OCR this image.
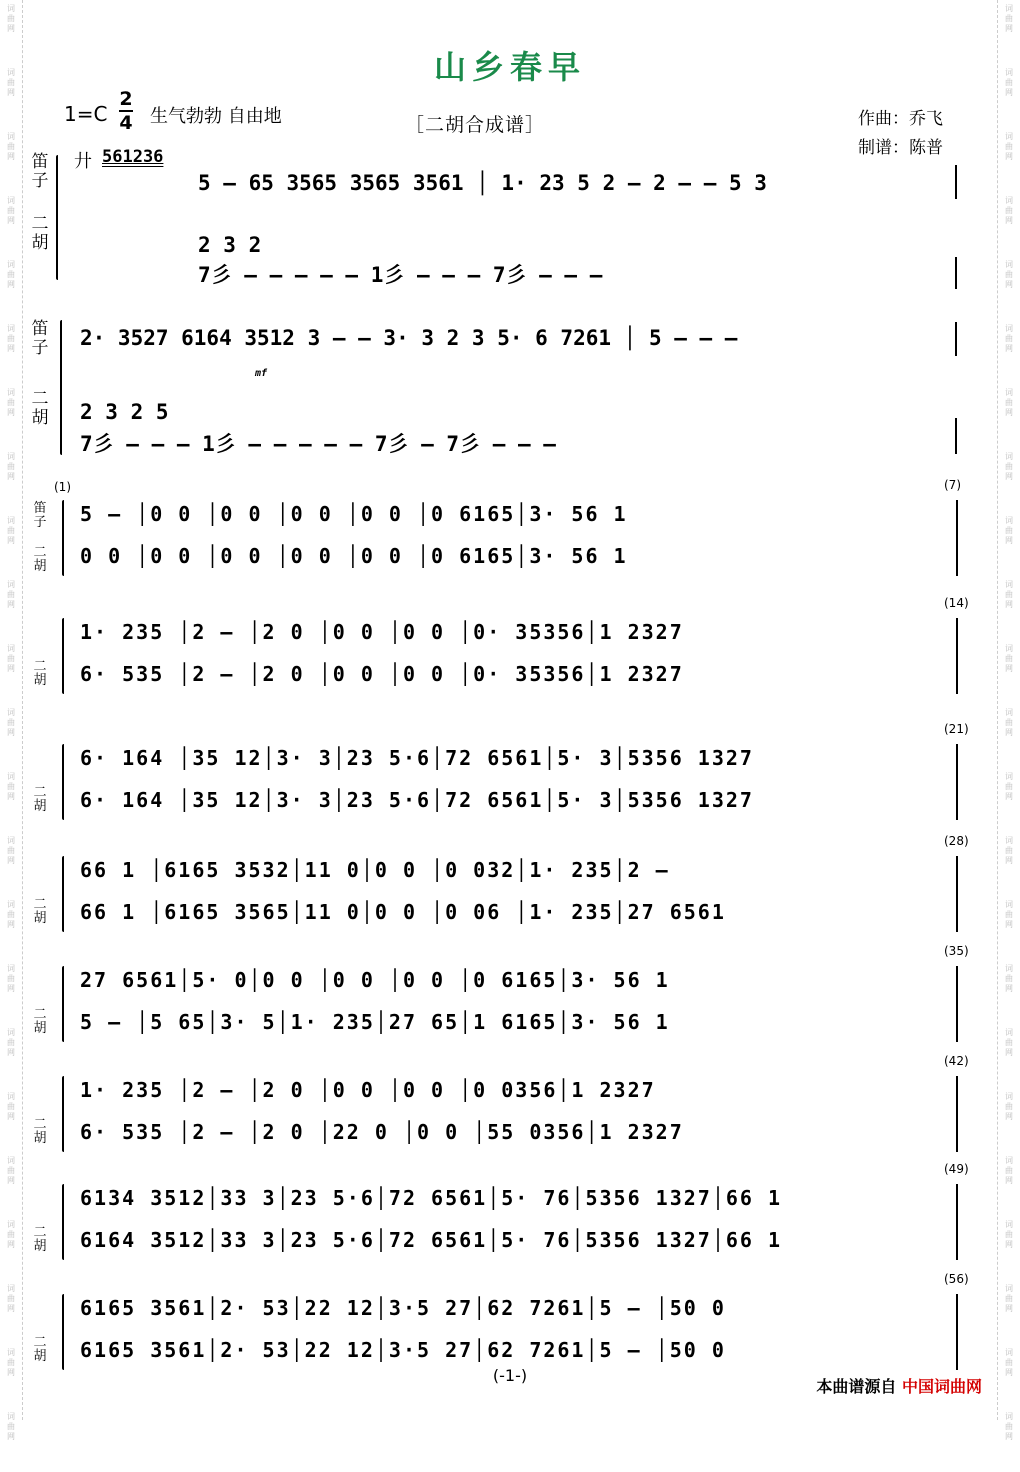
词
曲
网
词
曲
网
词
曲
网
词
曲
网
词
曲
网
词
曲
网
词
曲
网
词
曲
网
词
曲
网
词
曲
网
词
曲
网
词
曲
网
词
曲
网
词
曲
网
词
曲
网
词
曲
网
词
曲
网
词
曲
网
词
曲
网
词
曲
网
词
曲
网
词
曲
网
词
曲
网
词
曲
网
词
曲
网
词
曲
网
词
曲
网
词
曲
网
词
曲
网
词
曲
网
词
曲
网
词
曲
网
词
曲
网
词
曲
网
词
曲
网
词
曲
网
词
曲
网
词
曲
网
词
曲
网
词
曲
网
词
曲
网
词
曲
网
词
曲
网
词
曲
网
词
曲
网
词
曲
网
山乡春早
1=C
2
4 生气勃勃 自由地	［二胡合成谱］	作曲：乔飞
制谱：陈普
笛子
二胡
廾 561236
5 – 65 3565 3565 3561 │ 1· 23 5 2 – 2 – – 5 3
2 3 2
7彡 – – – – – 1彡 – – – 7彡 – – –
笛子
二胡
2· 3527 6164 3512 3 – – 3· 3 2 3 5· 6 7261 │ 5 – – –
mf
2 3 2 5
7彡 – – – 1彡 – – – – – 7彡 – 7彡 – – –
笛子
二胡
(1)	(7)
5 – │0 0 │0 0 │0 0 │0 0 │0 6165│3· 56 1
0 0 │0 0 │0 0 │0 0 │0 0 │0 6165│3· 56 1
二胡
(14)
1· 235 │2 – │2 0 │0 0 │0 0 │0· 35356│1 2327
6· 535 │2 – │2 0 │0 0 │0 0 │0· 35356│1 2327
二胡
(21)
6· 164 │35 12│3· 3│23 5·6│72 6561│5· 3│5356 1327
6· 164 │35 12│3· 3│23 5·6│72 6561│5· 3│5356 1327
二胡
(28)
66 1 │6165 3532│11 0│0 0 │0 032│1· 235│2 –
66 1 │6165 3565│11 0│0 0 │0 06 │1· 235│27 6561
二胡
(35)
27 6561│5· 0│0 0 │0 0 │0 0 │0 6165│3· 56 1
5 – │5 65│3· 5│1· 235│27 65│1 6165│3· 56 1
二胡
(42)
1· 235 │2 – │2 0 │0 0 │0 0 │0 0356│1 2327
6· 535 │2 – │2 0 │22 0 │0 0 │55 0356│1 2327
二胡
(49)
6134 3512│33 3│23 5·6│72 6561│5· 76│5356 1327│66 1
6164 3512│33 3│23 5·6│72 6561│5· 76│5356 1327│66 1
二胡
(56)
6165 3561│2· 53│22 12│3·5 27│62 7261│5 – │50 0
6165 3561│2· 53│22 12│3·5 27│62 7261│5 – │50 0
(-1-)
本曲谱源自 中国词曲网
